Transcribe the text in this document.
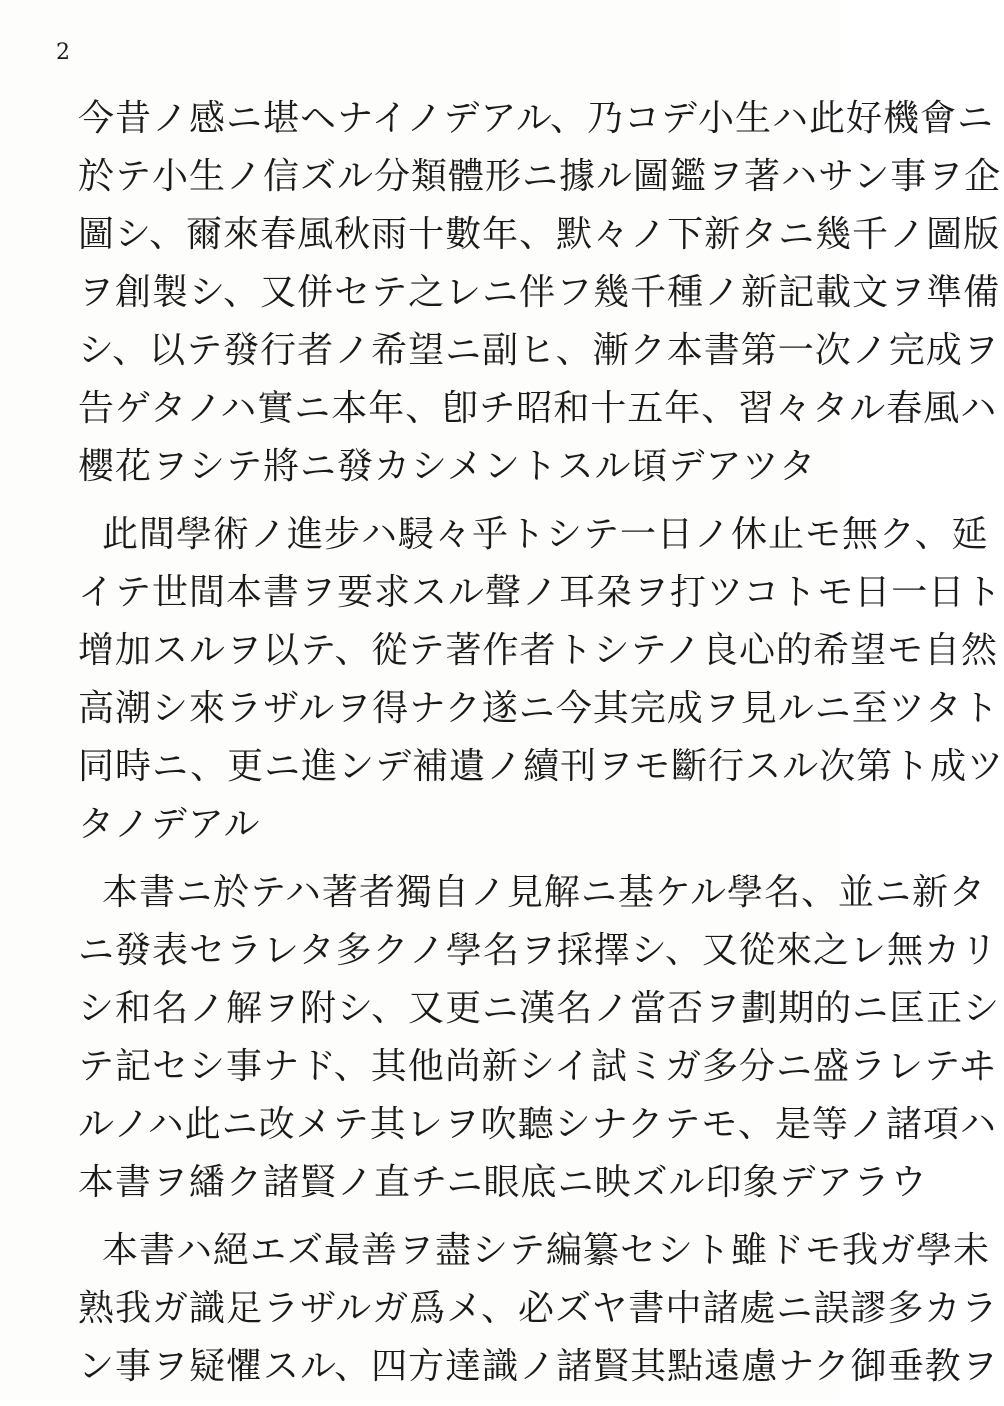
2
今昔ノ感ニ堪ヘナイノデアル、乃コデ小生ハ此好機會ニ
於テ小生ノ信ズル分類體形ニ據ル圖鑑ヲ著ハサン事ヲ企
圖シ、爾來春風秋雨十數年、默々ノ下新タニ幾千ノ圖版
ヲ創製シ、又併セテ之レニ伴フ幾千種ノ新記載文ヲ準備
シ、以テ發行者ノ希望ニ副ヒ、漸ク本書第一次ノ完成ヲ
告ゲタノハ實ニ本年、卽チ昭和十五年、習々タル春風ハ
櫻花ヲシテ將ニ發カシメントスル頃デアツタ
此間學術ノ進步ハ駸々乎トシテ一日ノ休止モ無ク、延
イテ世間本書ヲ要求スル聲ノ耳朶ヲ打ツコトモ日一日ト
增加スルヲ以テ、從テ著作者トシテノ良心的希望モ自然
高潮シ來ラザルヲ得ナク遂ニ今其完成ヲ見ルニ至ツタト
同時ニ、更ニ進ンデ補遺ノ續刊ヲモ斷行スル次第ト成ツ
タノデアル
本書ニ於テハ著者獨自ノ見解ニ基ケル學名、並ニ新タ
ニ發表セラレタ多クノ學名ヲ採擇シ、又從來之レ無カリ
シ和名ノ解ヲ附シ、又更ニ漢名ノ當否ヲ劃期的ニ匡正シ
テ記セシ事ナド、其他尚新シイ試ミガ多分ニ盛ラレテヰ
ルノハ此ニ改メテ其レヲ吹聽シナクテモ、是等ノ諸項ハ
本書ヲ繙ク諸賢ノ直チニ眼底ニ映ズル印象デアラウ
本書ハ絕エズ最善ヲ盡シテ編纂セシト雖ドモ我ガ學未
熟我ガ識足ラザルガ爲メ、必ズヤ書中諸處ニ誤謬多カラ
ン事ヲ疑懼スル、四方達識ノ諸賢其點遠慮ナク御垂教ヲ
